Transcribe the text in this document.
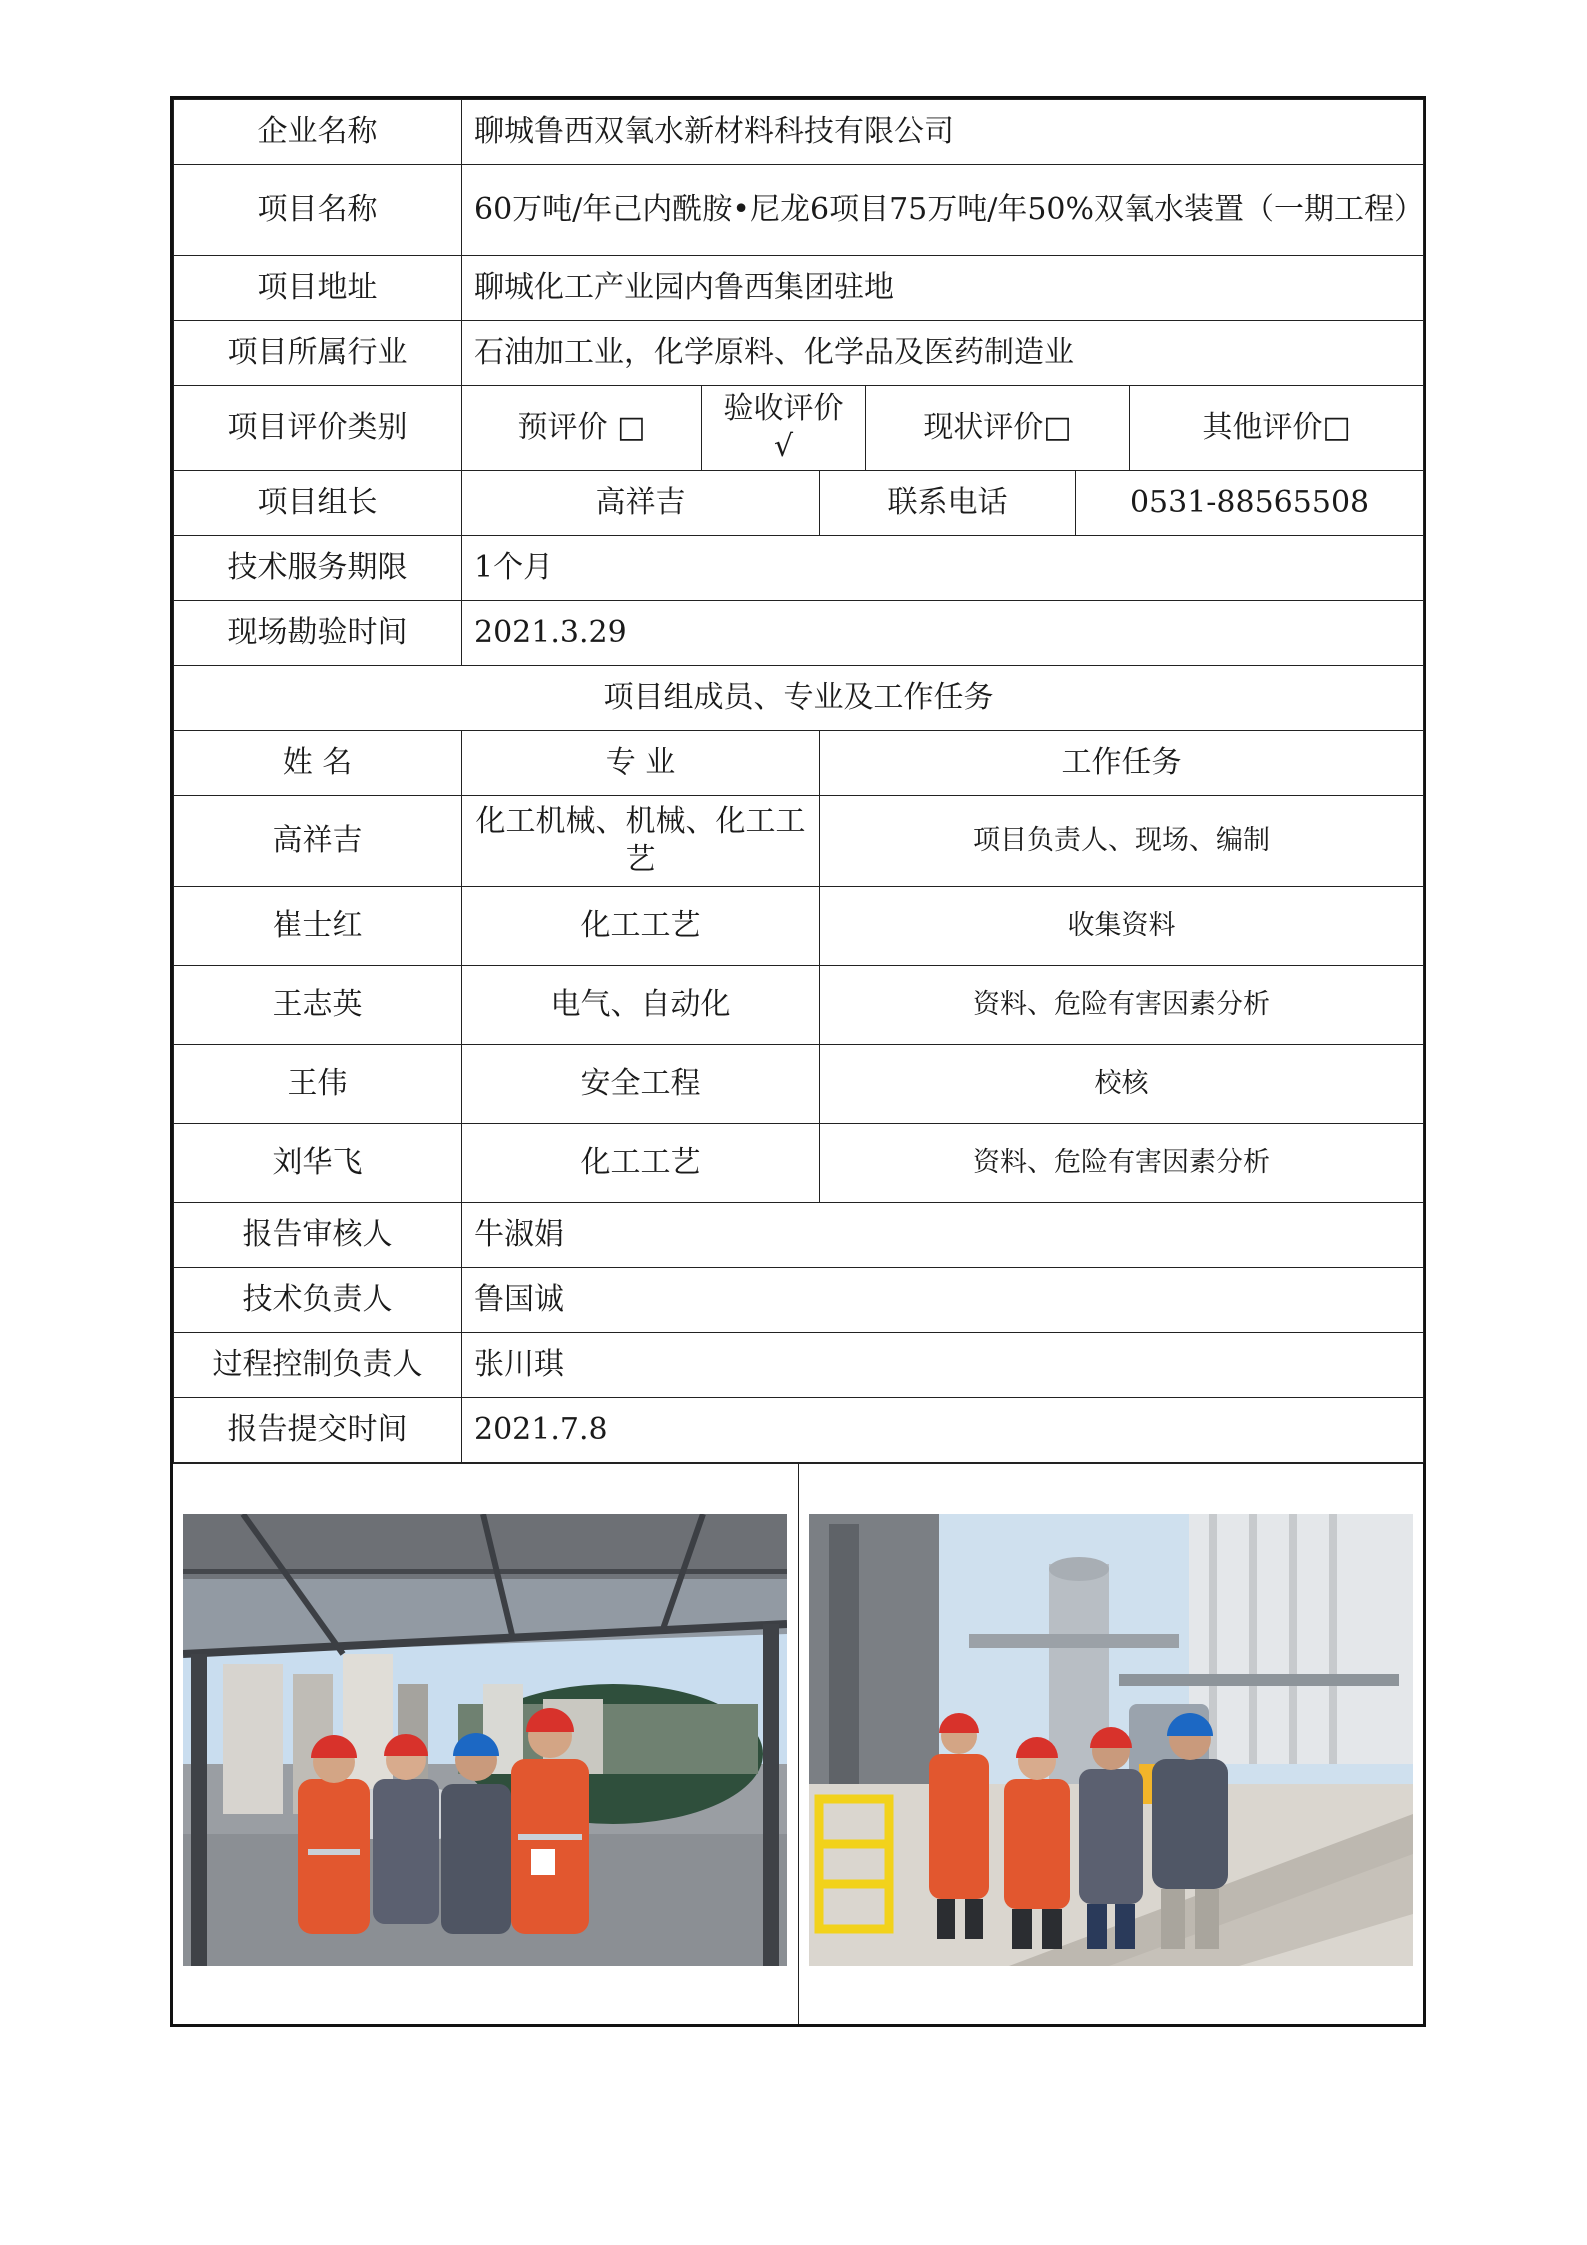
企业名称	聊城鲁西双氧水新材料科技有限公司					
项目名称	60万吨/年己内酰胺•尼龙6项目75万吨/年50%双氧水装置（一期工程）					
项目地址	聊城化工产业园内鲁西集团驻地					
项目所属行业	石油加工业，化学原料、化学品及医药制造业					
项目评价类别	预评价 □	验收评价 √		现状评价□		其他评价□
项目组长	高祥吉		联系电话		0531-88565508	
技术服务期限	1个月					
现场勘验时间	2021.3.29					
项目组成员、专业及工作任务						
姓 名	专 业		工作任务			
高祥吉	化工机械、机械、化工工艺		项目负责人、现场、编制			
崔士红	化工工艺		收集资料			
王志英	电气、自动化		资料、危险有害因素分析			
王伟	安全工程		校核			
刘华飞	化工工艺		资料、危险有害因素分析			
报告审核人	牛淑娟					
技术负责人	鲁国诚					
过程控制负责人	张川琪					
报告提交时间	2021.7.8					
